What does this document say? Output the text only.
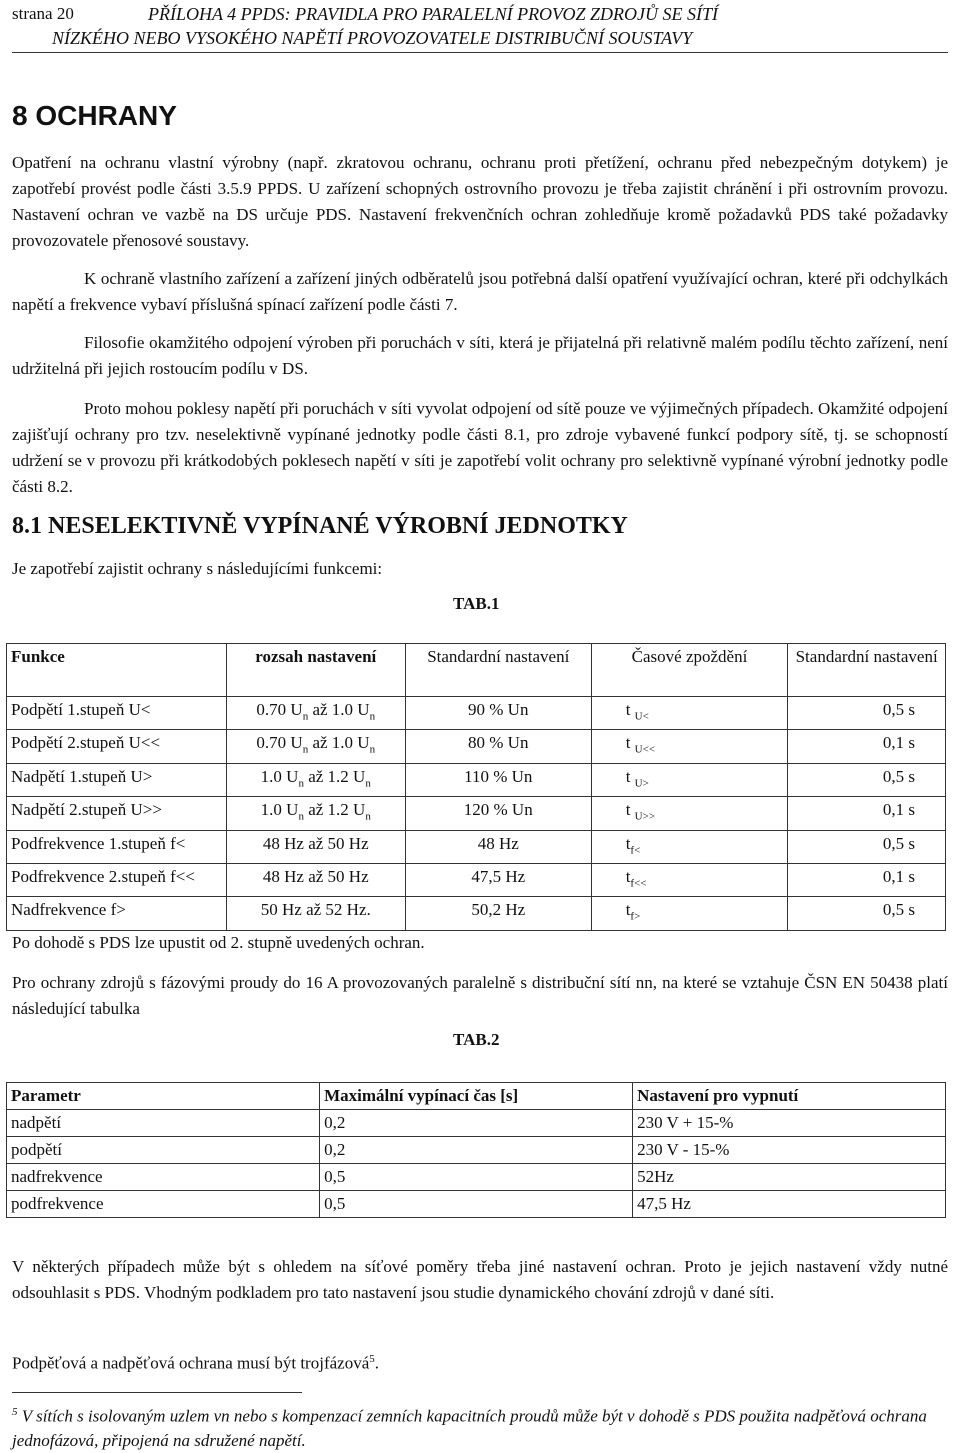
strana 20	PŘÍLOHA 4 PPDS: PRAVIDLA PRO PARALELNÍ PROVOZ ZDROJŮ SE SÍTÍ
NÍZKÉHO NEBO VYSOKÉHO NAPĚTÍ PROVOZOVATELE DISTRIBUČNÍ SOUSTAVY
8 OCHRANY
Opatření na ochranu vlastní výrobny (např. zkratovou ochranu, ochranu proti přetížení, ochranu před nebezpečným dotykem) je zapotřebí provést podle části 3.5.9 PPDS. U zařízení schopných ostrovního provozu je třeba zajistit chránění i při ostrovním provozu. Nastavení ochran ve vazbě na DS určuje PDS. Nastavení frekvenčních ochran zohledňuje kromě požadavků PDS také požadavky provozovatele přenosové soustavy.
K ochraně vlastního zařízení a zařízení jiných odběratelů jsou potřebná další opatření využívající ochran, které při odchylkách napětí a frekvence vybaví příslušná spínací zařízení podle části 7.
Filosofie okamžitého odpojení výroben při poruchách v síti, která je přijatelná při relativně malém podílu těchto zařízení, není udržitelná při jejich rostoucím podílu v DS.
Proto mohou poklesy napětí při poruchách v síti vyvolat odpojení od sítě pouze ve výjimečných případech. Okamžité odpojení zajišťují ochrany pro tzv. neselektivně vypínané jednotky podle části 8.1, pro zdroje vybavené funkcí podpory sítě, tj. se schopností udržení se v provozu při krátkodobých poklesech napětí v síti je zapotřebí volit ochrany pro selektivně vypínané výrobní jednotky podle části 8.2.
8.1 NESELEKTIVNĚ VYPÍNANÉ VÝROBNÍ JEDNOTKY
Je zapotřebí zajistit ochrany s následujícími funkcemi:
TAB.1
Funkce	rozsah nastavení	Standardní nastavení	Časové zpoždění	Standardní nastavení
Podpětí 1.stupeň U<	0.70 $U_n$ až 1.0 $U_n$	90 % Un	t $_{U<}$	0,5 s
Podpětí 2.stupeň U<<	0.70 $U_n$ až 1.0 $U_n$	80 % Un	t $_{U<<}$	0,1 s
Nadpětí 1.stupeň U>	1.0 $U_n$ až 1.2 $U_n$	110 % Un	t $_{U>}$	0,5 s
Nadpětí 2.stupeň U>>	1.0 $U_n$ až 1.2 $U_n$	120 % Un	t $_{U>>}$	0,1 s
Podfrekvence 1.stupeň f<	48 Hz až 50 Hz	48 Hz	$t_{f<}$	0,5 s
Podfrekvence 2.stupeň f<<	48 Hz až 50 Hz	47,5 Hz	$t_{f<<}$	0,1 s
Nadfrekvence f>	50 Hz až 52 Hz.	50,2 Hz	$t_{f>}$	0,5 s
Po dohodě s PDS lze upustit od 2. stupně uvedených ochran.
Pro ochrany zdrojů s fázovými proudy do 16 A provozovaných paralelně s distribuční sítí nn, na které se vztahuje ČSN EN 50438 platí následující tabulka
TAB.2
Parametr	Maximální vypínací čas [s]	Nastavení pro vypnutí
nadpětí	0,2	230 V + 15-%
podpětí	0,2	230 V - 15-%
nadfrekvence	0,5	52Hz
podfrekvence	0,5	47,5 Hz
V některých případech může být s ohledem na síťové poměry třeba jiné nastavení ochran. Proto je jejich nastavení vždy nutné odsouhlasit s PDS. Vhodným podkladem pro tato nastavení jsou studie dynamického chování zdrojů v dané síti.
Podpěťová a nadpěťová ochrana musí být trojfázová$^5$.
$^5$ V sítích s isolovaným uzlem vn nebo s kompenzací zemních kapacitních proudů může být v dohodě s PDS použita nadpěťová ochrana jednofázová, připojená na sdružené napětí.
